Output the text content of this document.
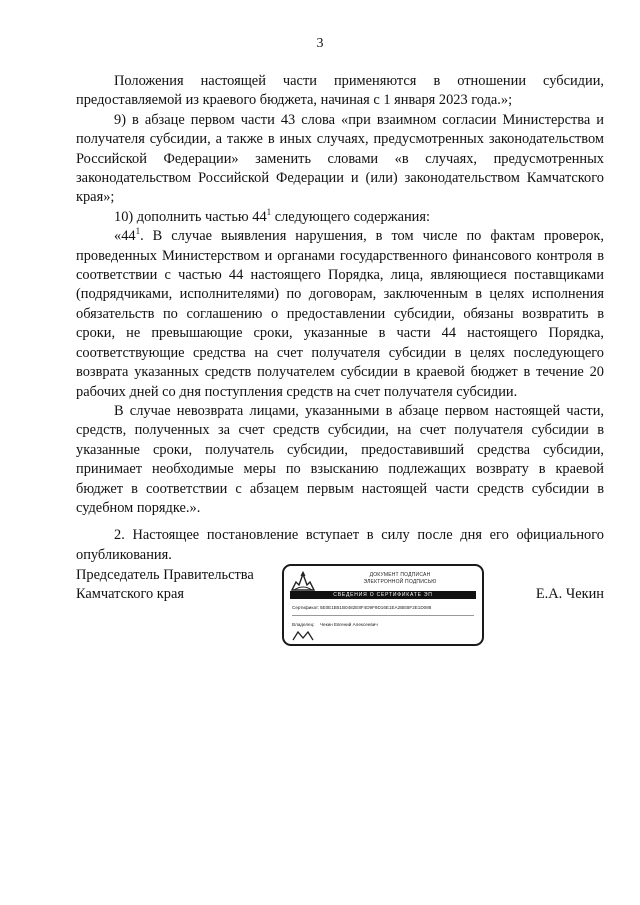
3

Положения настоящей части применяются в отношении субсидии, предоставляемой из краевого бюджета, начиная с 1 января 2023 года.»;

9) в абзаце первом части 43 слова «при взаимном согласии Министерства и получателя субсидии, а также в иных случаях, предусмотренных законодательством Российской Федерации» заменить словами «в случаях, предусмотренных законодательством Российской Федерации и (или) законодательством Камчатского края»;

10) дополнить частью $44^1$ следующего содержания:

«$44^1$. В случае выявления нарушения, в том числе по фактам проверок, проведенных Министерством и органами государственного финансового контроля в соответствии с частью 44 настоящего Порядка, лица, являющиеся поставщиками (подрядчиками, исполнителями) по договорам, заключенным в целях исполнения обязательств по соглашению о предоставлении субсидии, обязаны возвратить в сроки, не превышающие сроки, указанные в части 44 настоящего Порядка, соответствующие средства на счет получателя субсидии в целях последующего возврата указанных средств получателем субсидии в краевой бюджет в течение 20 рабочих дней со дня поступления средств на счет получателя субсидии.

В случае невозврата лицами, указанными в абзаце первом настоящей части, средств, полученных за счет средств субсидии, на счет получателя субсидии в указанные сроки, получатель субсидии, предоставивший средства субсидии, принимает необходимые меры по взысканию подлежащих возврату в краевой бюджет в соответствии с абзацем первым настоящей части средств субсидии в судебном порядке.».

2. Настоящее постановление вступает в силу после дня его официального опубликования.

Председатель Правительства
Камчатского края
ДОКУМЕНТ ПОДПИСАН
ЭЛЕКТРОННОЙ ПОДПИСЬЮ
СВЕДЕНИЯ О СЕРТИФИКАТЕ ЭП
Сертификат:5E0E1B51B0482E8F4D9F9D16E1EA2BEBF2E1D088
Владелец: Чекин Евгений Алексеевич
Е.А. Чекин
